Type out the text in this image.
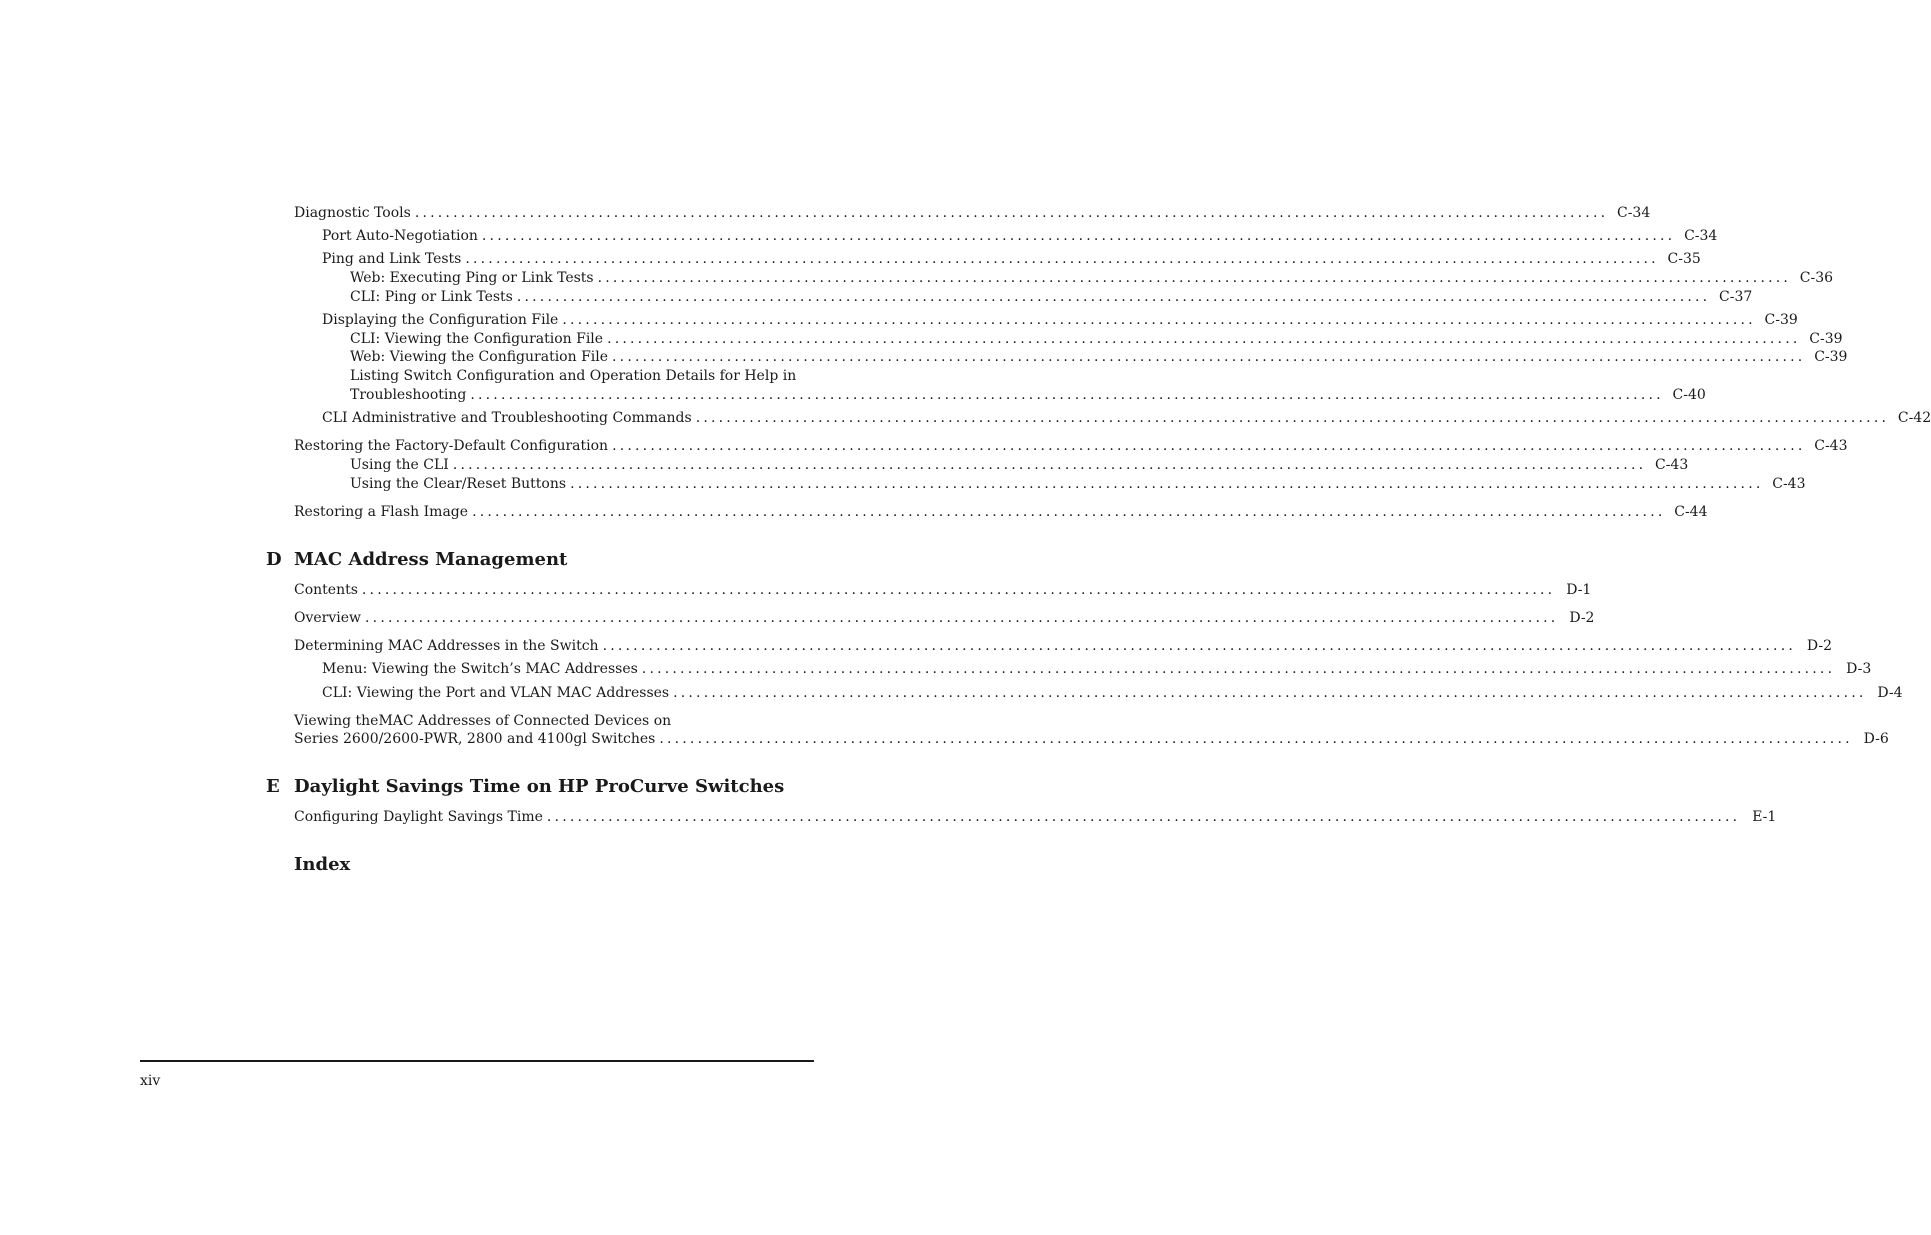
Diagnostic Tools ............................................................................................................................................................ C-34
Port Auto-Negotiation ............................................................................................................................................................ C-34
Ping and Link Tests ............................................................................................................................................................ C-35
Web: Executing Ping or Link Tests ............................................................................................................................................................ C-36
CLI: Ping or Link Tests ............................................................................................................................................................ C-37
Displaying the Configuration File ............................................................................................................................................................ C-39
CLI: Viewing the Configuration File ............................................................................................................................................................ C-39
Web: Viewing the Configuration File ............................................................................................................................................................ C-39
Listing Switch Configuration and Operation Details for Help in
Troubleshooting ............................................................................................................................................................ C-40
CLI Administrative and Troubleshooting Commands ............................................................................................................................................................ C-42
Restoring the Factory-Default Configuration ............................................................................................................................................................ C-43
Using the CLI ............................................................................................................................................................ C-43
Using the Clear/Reset Buttons ............................................................................................................................................................ C-43
Restoring a Flash Image ............................................................................................................................................................ C-44
D MAC Address Management
Contents ............................................................................................................................................................ D-1
Overview ............................................................................................................................................................ D-2
Determining MAC Addresses in the Switch ............................................................................................................................................................ D-2
Menu: Viewing the Switch’s MAC Addresses ............................................................................................................................................................ D-3
CLI: Viewing the Port and VLAN MAC Addresses ............................................................................................................................................................ D-4
Viewing theMAC Addresses of Connected Devices on
Series 2600/2600-PWR, 2800 and 4100gl Switches ............................................................................................................................................................ D-6
E Daylight Savings Time on HP ProCurve Switches
Configuring Daylight Savings Time ............................................................................................................................................................ E-1
Index
xiv
